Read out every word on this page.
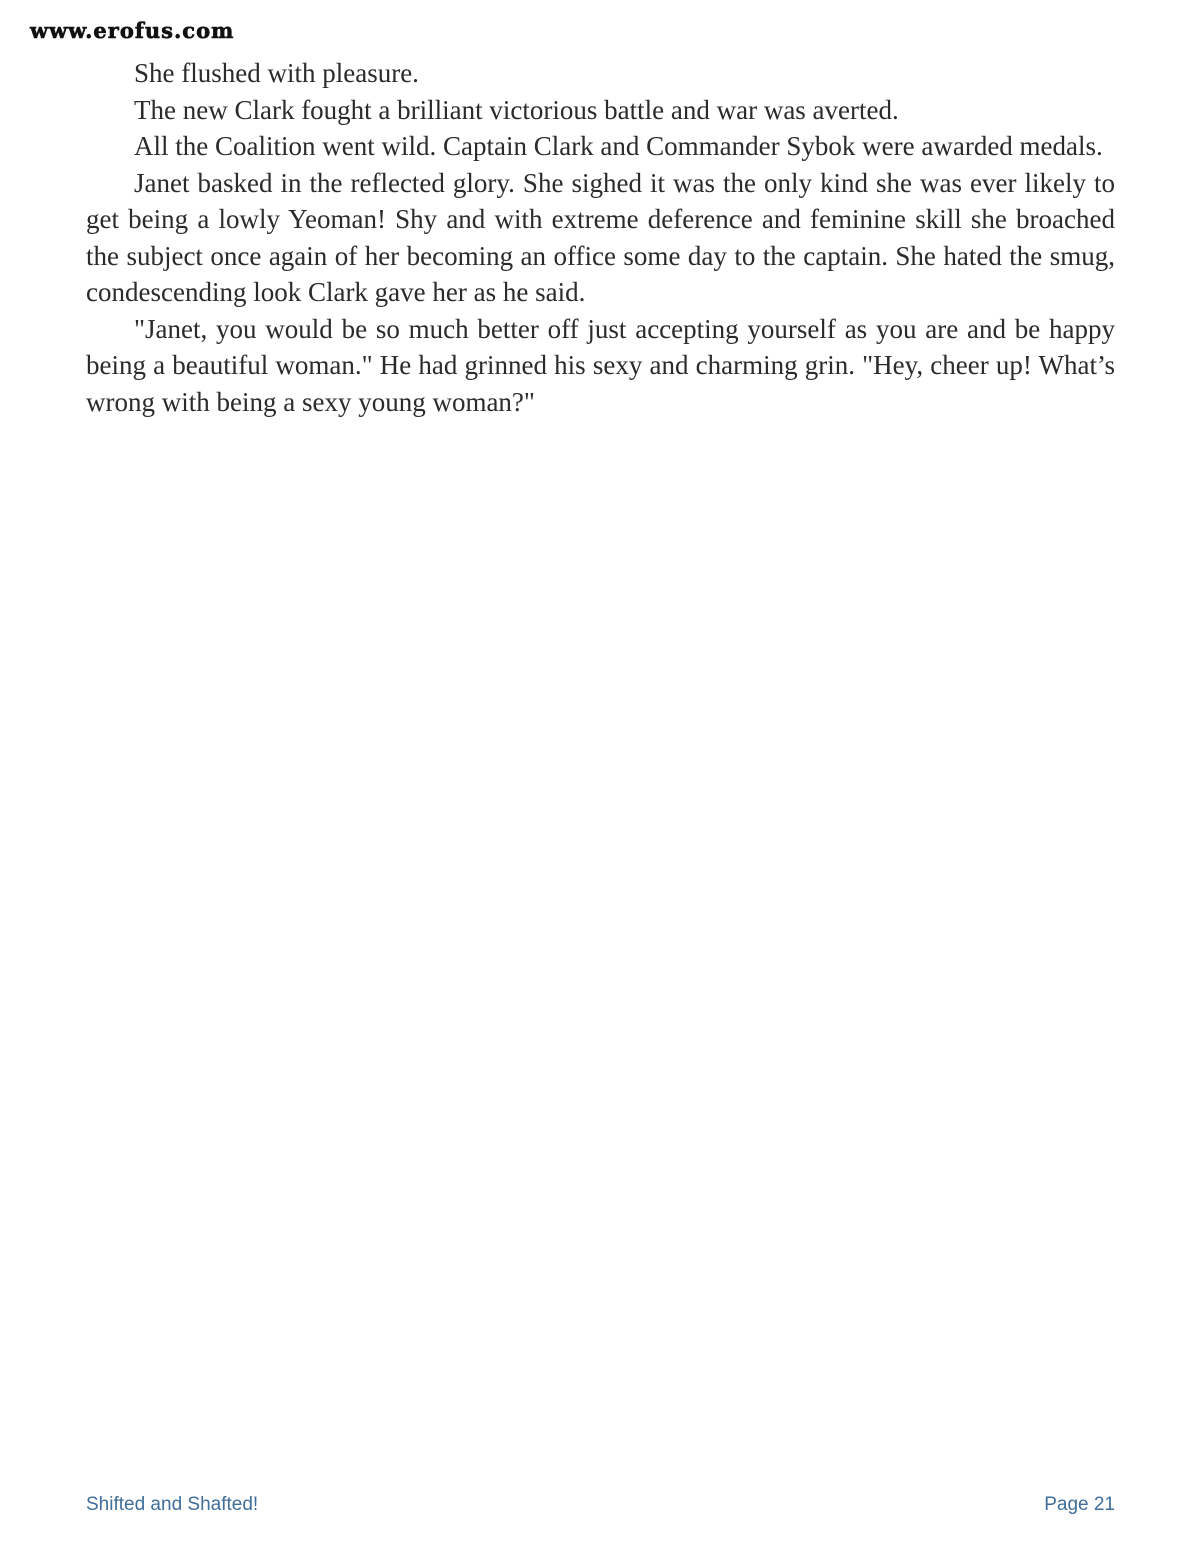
www.erofus.com

She flushed with pleasure.

The new Clark fought a brilliant victorious battle and war was averted.

All the Coalition went wild. Captain Clark and Commander Sybok were awarded medals.

Janet basked in the reflected glory. She sighed it was the only kind she was ever likely to get being a lowly Yeoman! Shy and with extreme deference and feminine skill she broached the subject once again of her becoming an office some day to the captain. She hated the smug, condescending look Clark gave her as he said.

"Janet, you would be so much better off just accepting yourself as you are and be happy being a beautiful woman." He had grinned his sexy and charming grin. "Hey, cheer up! What’s wrong with being a sexy young woman?"

Shifted and Shafted!	Page 21
